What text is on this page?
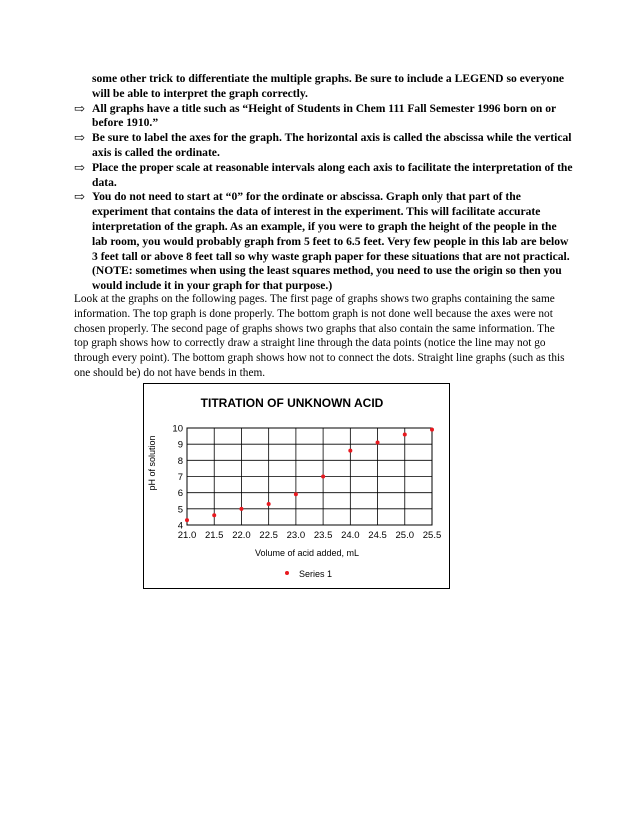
some other trick to differentiate the multiple graphs. Be sure to include a LEGEND so everyone will be able to interpret the graph correctly.
⇨ All graphs have a title such as “Height of Students in Chem 111 Fall Semester 1996 born on or before 1910.”
⇨ Be sure to label the axes for the graph. The horizontal axis is called the abscissa while the vertical axis is called the ordinate.
⇨ Place the proper scale at reasonable intervals along each axis to facilitate the interpretation of the data.
⇨ You do not need to start at “0” for the ordinate or abscissa. Graph only that part of the experiment that contains the data of interest in the experiment. This will facilitate accurate interpretation of the graph. As an example, if you were to graph the height of the people in the lab room, you would probably graph from 5 feet to 6.5 feet. Very few people in this lab are below 3 feet tall or above 8 feet tall so why waste graph paper for these situations that are not practical. (NOTE: sometimes when using the least squares method, you need to use the origin so then you would include it in your graph for that purpose.)
Look at the graphs on the following pages. The first page of graphs shows two graphs containing the same information. The top graph is done properly. The bottom graph is not done well because the axes were not chosen properly. The second page of graphs shows two graphs that also contain the same information. The top graph shows how to correctly draw a straight line through the data points (notice the line may not go through every point). The bottom graph shows how not to connect the dots. Straight line graphs (such as this one should be) do not have bends in them.
TITRATION OF UNKNOWN ACID
21.0 21.5 22.0 22.5 23.0 23.5 24.0 24.5 25.0 25.5
4
5
6
7
8
9
10
Volume of acid added, mL
pH of solution
Series 1
